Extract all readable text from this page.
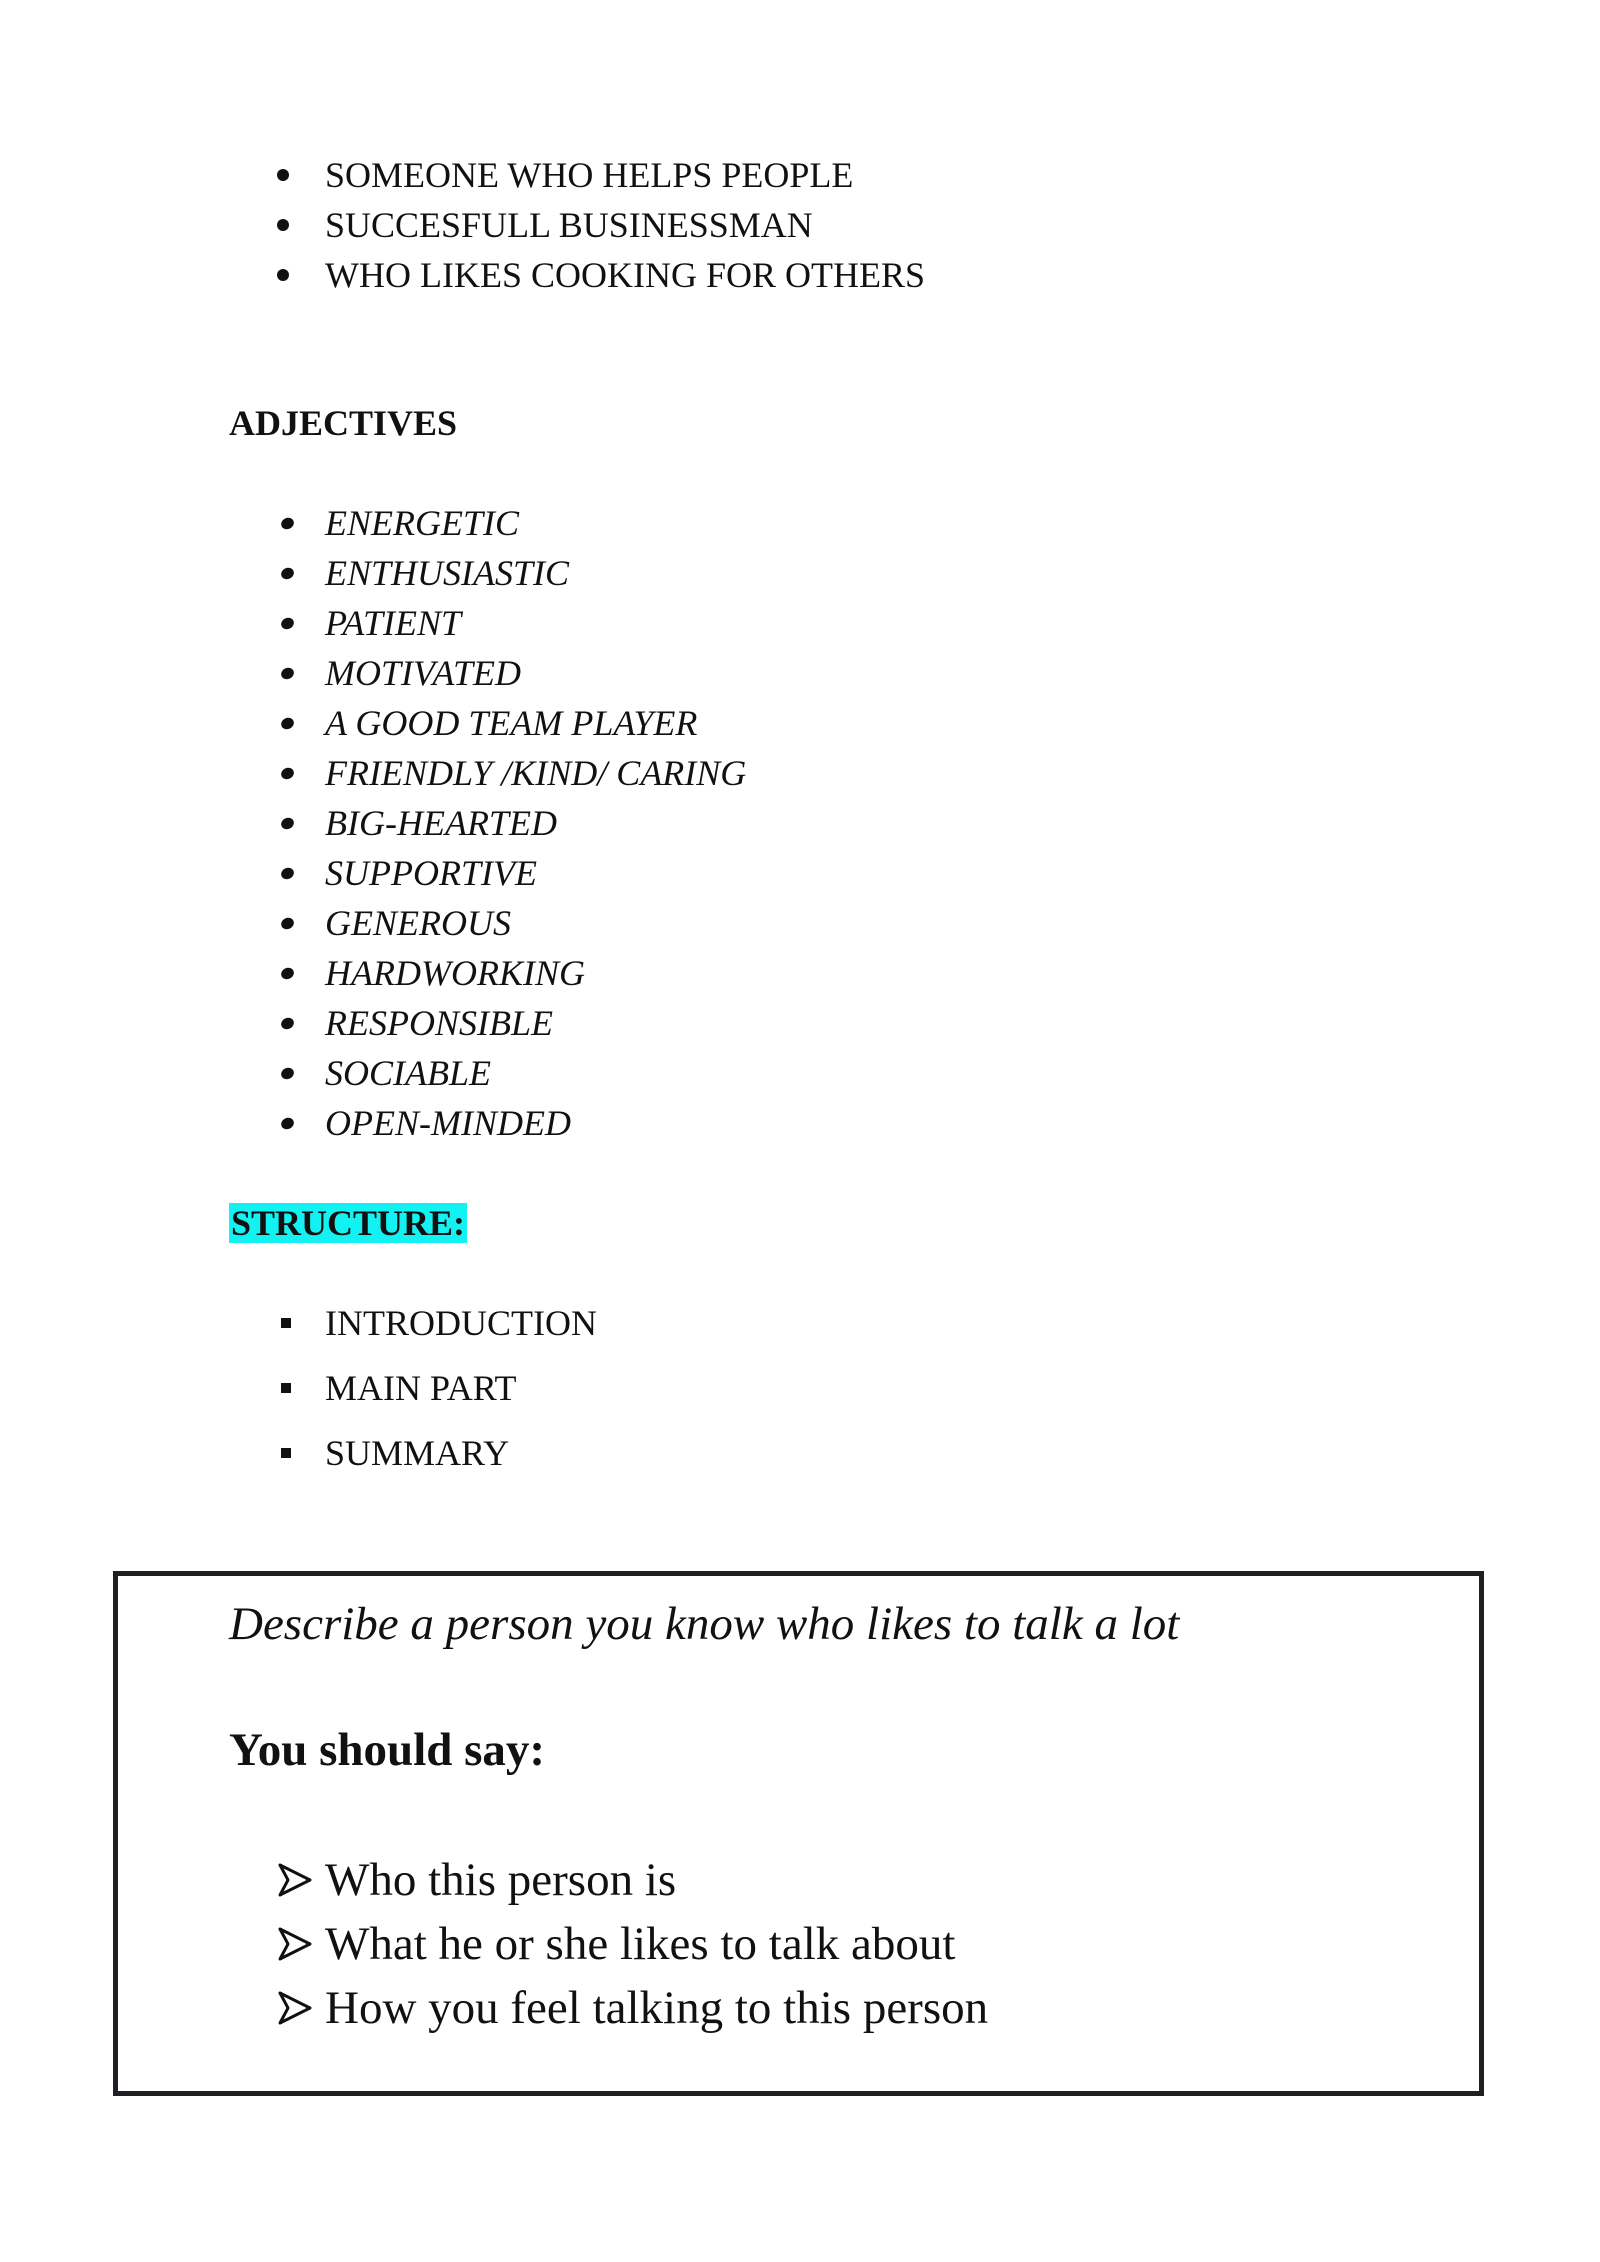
SOMEONE WHO HELPS PEOPLE
SUCCESFULL BUSINESSMAN
WHO LIKES COOKING FOR OTHERS
ADJECTIVES
ENERGETIC
ENTHUSIASTIC
PATIENT
MOTIVATED
A GOOD TEAM PLAYER
FRIENDLY /KIND/ CARING
BIG-HEARTED
SUPPORTIVE
GENEROUS
HARDWORKING
RESPONSIBLE
SOCIABLE
OPEN-MINDED
STRUCTURE:
INTRODUCTION
MAIN PART
SUMMARY
Describe a person you know who likes to talk a lot
You should say:
Who this person is
What he or she likes to talk about
How you feel talking to this person
